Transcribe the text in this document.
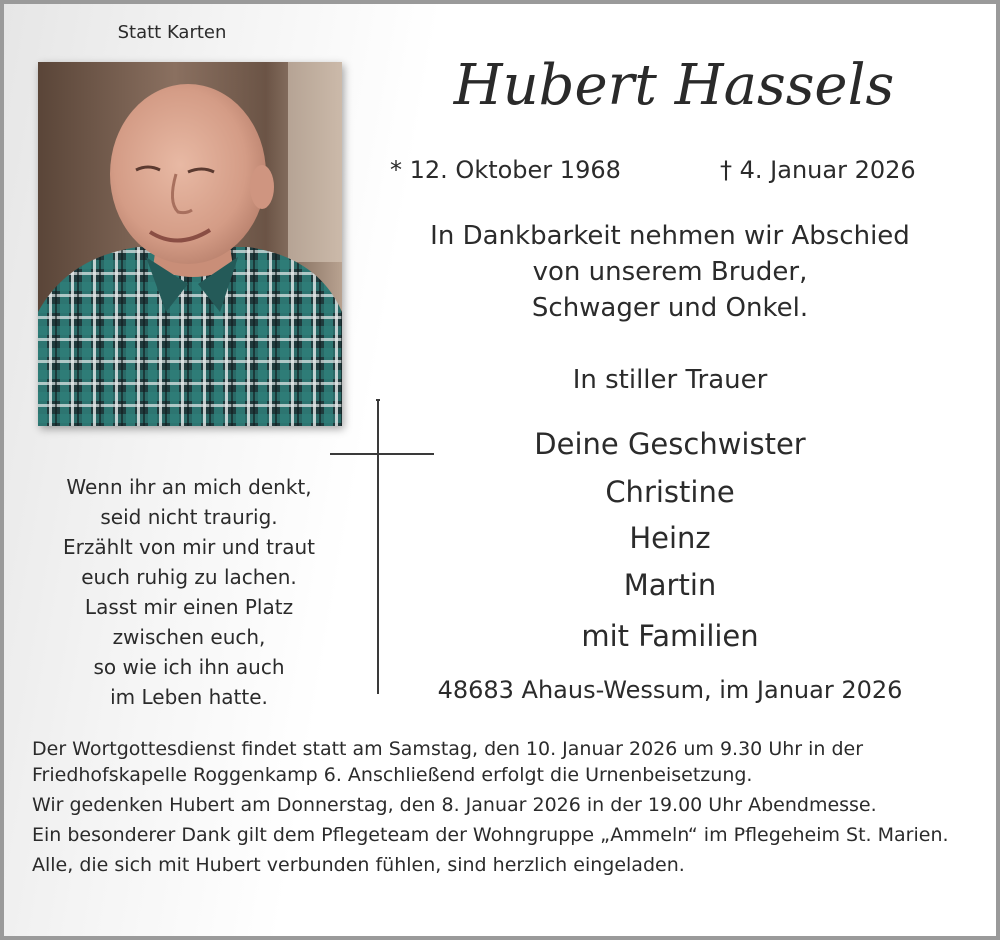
Statt Karten
Hubert Hassels
* 12. Oktober 1968	† 4. Januar 2026
In Dankbarkeit nehmen wir Abschied
von unserem Bruder,
Schwager und Onkel.
In stiller Trauer
Deine Geschwister
Christine
Heinz
Martin
mit Familien
48683 Ahaus-Wessum, im Januar 2026
Wenn ihr an mich denkt,
seid nicht traurig.
Erzählt von mir und traut
euch ruhig zu lachen.
Lasst mir einen Platz
zwischen euch,
so wie ich ihn auch
im Leben hatte.

Der Wortgottesdienst findet statt am Samstag, den 10. Januar 2026 um 9.30 Uhr in der Friedhofskapelle Roggenkamp 6. Anschließend erfolgt die Urnenbeisetzung.

Wir gedenken Hubert am Donnerstag, den 8. Januar 2026 in der 19.00 Uhr Abendmesse.

Ein besonderer Dank gilt dem Pflegeteam der Wohngruppe „Ammeln“ im Pflegeheim St. Marien.

Alle, die sich mit Hubert verbunden fühlen, sind herzlich eingeladen.
